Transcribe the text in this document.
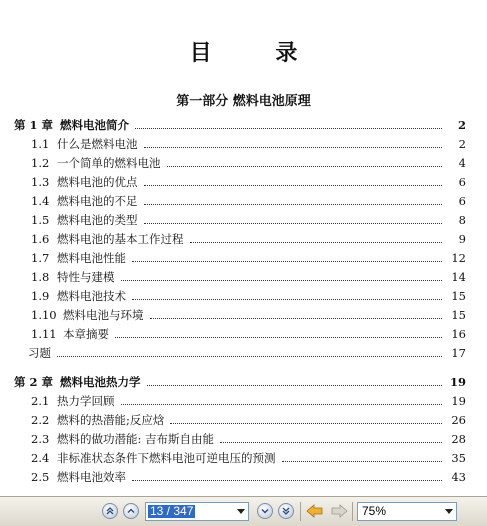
目 录
第一部分 燃料电池原理
第 1 章 燃料电池简介	2
1.1 什么是燃料电池	2
1.2 一个简单的燃料电池	4
1.3 燃料电池的优点	6
1.4 燃料电池的不足	6
1.5 燃料电池的类型	8
1.6 燃料电池的基本工作过程	9
1.7 燃料电池性能	12
1.8 特性与建模	14
1.9 燃料电池技术	15
1.10 燃料电池与环境	15
1.11 本章摘要	16
习题	17
第 2 章 燃料电池热力学	19
2.1 热力学回顾	19
2.2 燃料的热潜能;反应焓	26
2.3 燃料的做功潜能: 吉布斯自由能	28
2.4 非标准状态条件下燃料电池可逆电压的预测	35
2.5 燃料电池效率	43
13 / 347	75%
